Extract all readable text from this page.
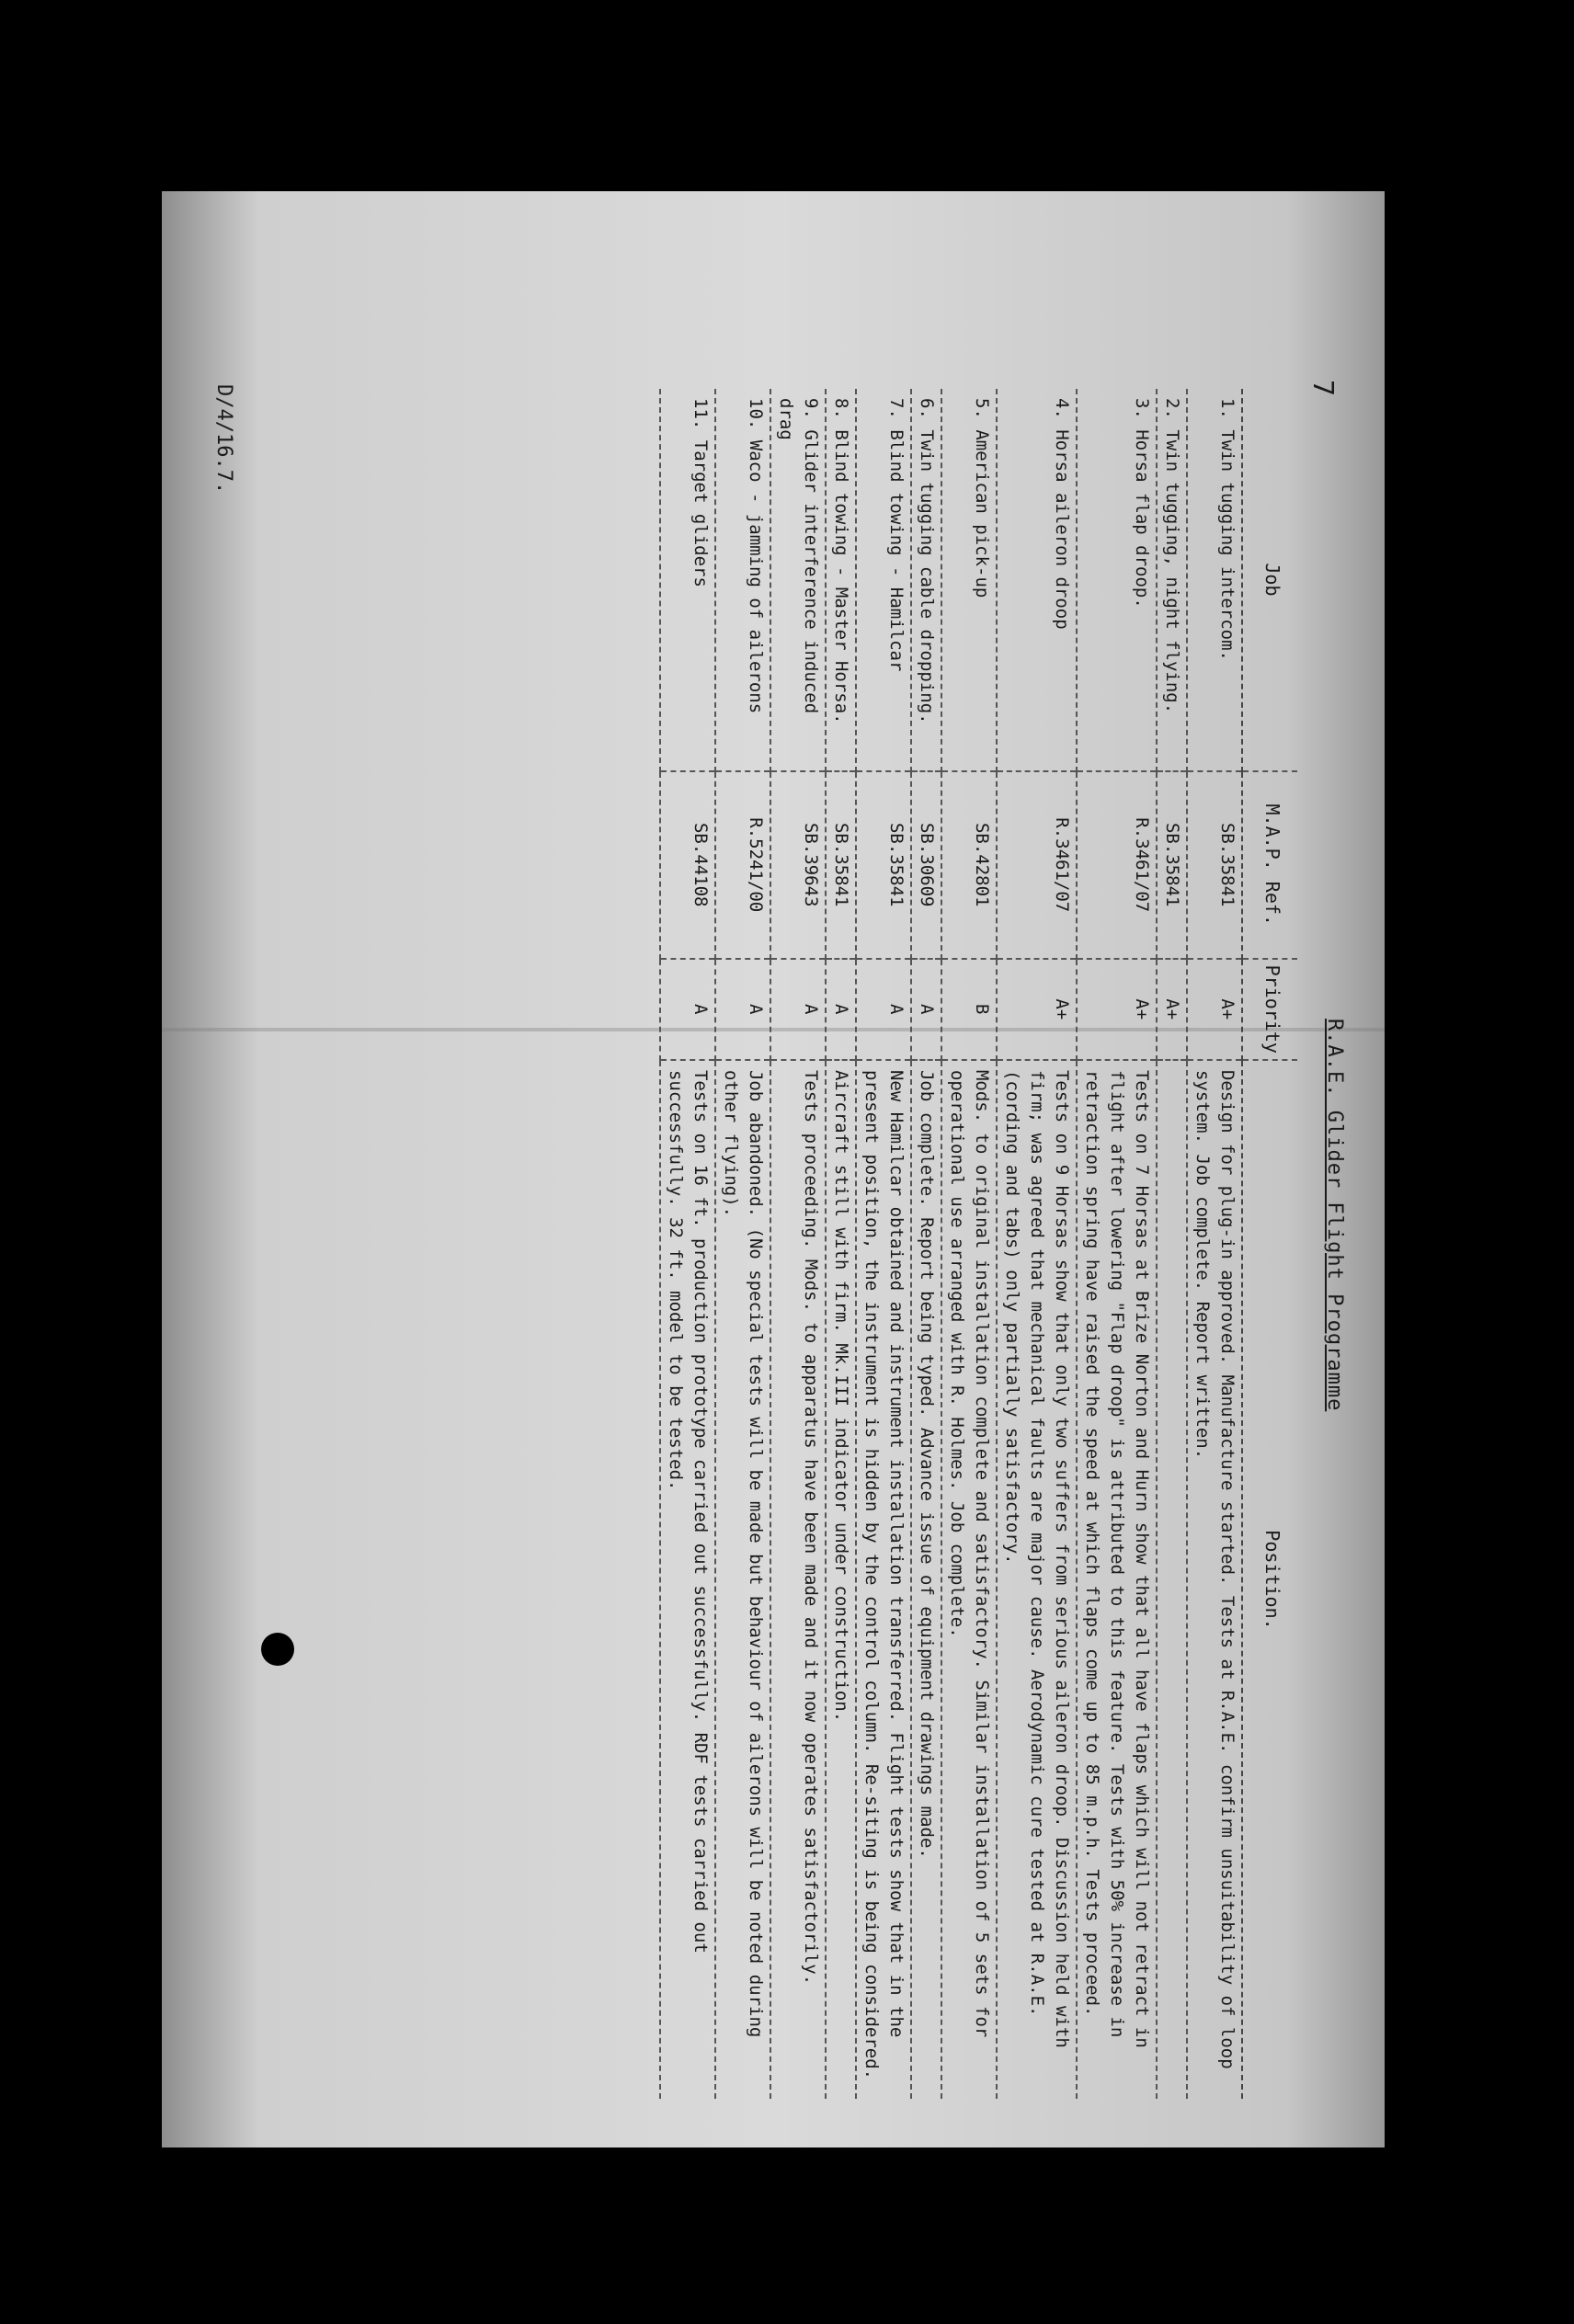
7
R.A.E. Glider Flight Programme
Job	M.A.P. Ref.	Priority	Position.
1. Twin tugging intercom.	SB.35841	A+	Design for plug-in approved. Manufacture started. Tests at R.A.E. confirm unsuitability of loop system. Job complete. Report written.
2. Twin tugging, night flying.	SB.35841	A+	
3. Horsa flap droop.	R.3461/07	A+	Tests on 7 Horsas at Brize Norton and Hurn show that all have flaps which will not retract in flight after lowering "Flap droop" is attributed to this feature. Tests with 50% increase in retraction spring have raised the speed at which flaps come up to 85 m.p.h. Tests proceed.
4. Horsa aileron droop	R.3461/07	A+	Tests on 9 Horsas show that only two suffers from serious aileron droop. Discussion held with firm; was agreed that mechanical faults are major cause. Aerodynamic cure tested at R.A.E. (cording and tabs) only partially satisfactory.
5. American pick-up	SB.42801	B	Mods. to original installation complete and satisfactory. Similar installation of 5 sets for operational use arranged with R. Holmes. Job complete.
6. Twin tugging cable dropping.	SB.30609	A	Job complete. Report being typed. Advance issue of equipment drawings made.
7. Blind towing - Hamilcar	SB.35841	A	New Hamilcar obtained and instrument installation transferred. Flight tests show that in the present position, the instrument is hidden by the control column. Re-siting is being considered.
8. Blind towing - Master Horsa.	SB.35841	A	Aircraft still with firm. Mk.III indicator under construction.
9. Glider interference induced drag	SB.39643	A	Tests proceeding. Mods. to apparatus have been made and it now operates satisfactorily.
10. Waco - jamming of ailerons	R.5241/00	A	Job abandoned. (No special tests will be made but behaviour of ailerons will be noted during other flying).
11. Target gliders	SB.44108	A	Tests on 16 ft. production prototype carried out successfully. RDF tests carried out successfully. 32 ft. model to be tested.
D/4/16.7.
